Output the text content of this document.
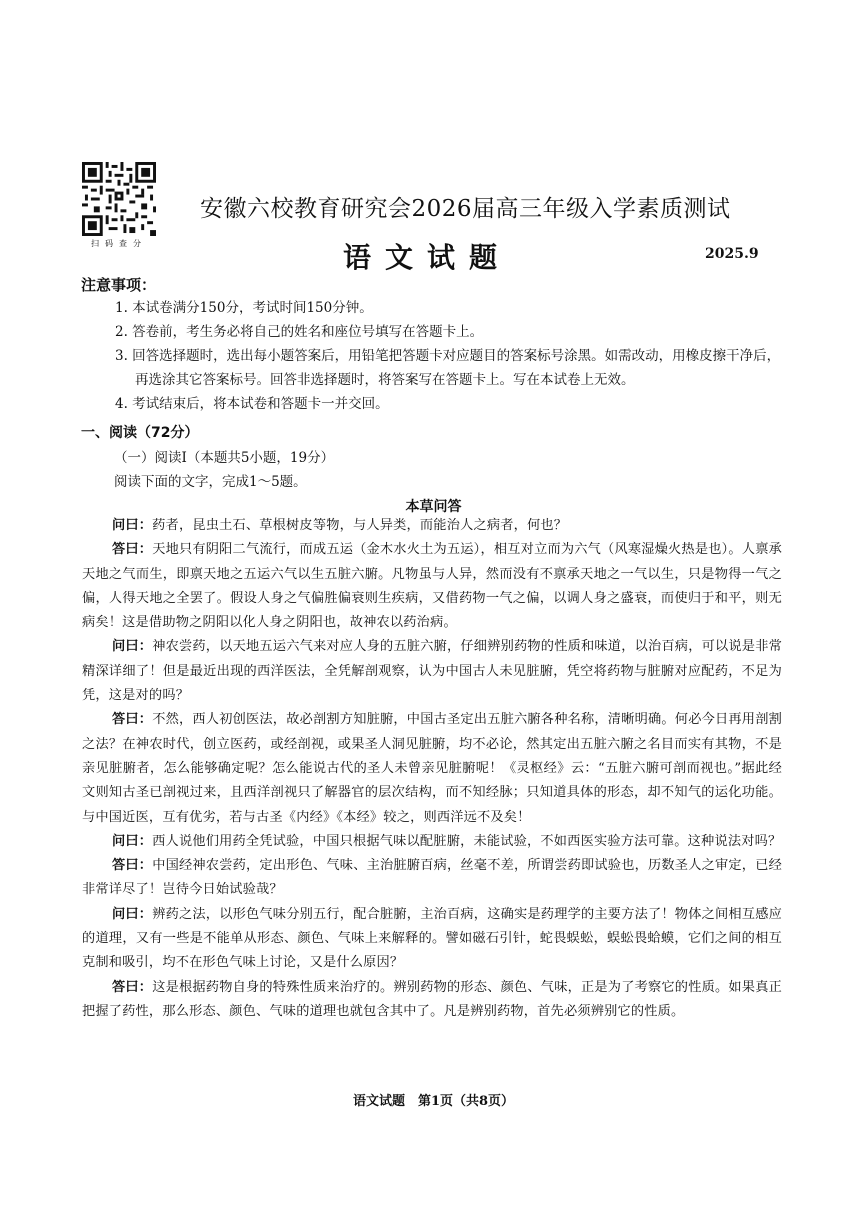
扫码查分
安徽六校教育研究会2026届高三年级入学素质测试
语文试题	2025.9
注意事项：
1. 本试卷满分150分，考试时间150分钟。
2. 答卷前，考生务必将自己的姓名和座位号填写在答题卡上。
3. 回答选择题时，选出每小题答案后，用铅笔把答题卡对应题目的答案标号涂黑。如需改动，用橡皮擦干净后，再选涂其它答案标号。回答非选择题时，将答案写在答题卡上。写在本试卷上无效。
4. 考试结束后，将本试卷和答题卡一并交回。
一、阅读（72分）
（一）阅读Ⅰ（本题共5小题，19分）
阅读下面的文字，完成1～5题。
本草问答

问曰：药者，昆虫土石、草根树皮等物，与人异类，而能治人之病者，何也？

答曰：天地只有阴阳二气流行，而成五运（金木水火土为五运），相互对立而为六气（风寒湿燥火热是也）。人禀承天地之气而生，即禀天地之五运六气以生五脏六腑。凡物虽与人异，然而没有不禀承天地之一气以生，只是物得一气之偏，人得天地之全罢了。假设人身之气偏胜偏衰则生疾病，又借药物一气之偏，以调人身之盛衰，而使归于和平，则无病矣！这是借助物之阴阳以化人身之阴阳也，故神农以药治病。

问曰：神农尝药，以天地五运六气来对应人身的五脏六腑，仔细辨别药物的性质和味道，以治百病，可以说是非常精深详细了！但是最近出现的西洋医法，全凭解剖观察，认为中国古人未见脏腑，凭空将药物与脏腑对应配药，不足为凭，这是对的吗？

答曰：不然，西人初创医法，故必剖割方知脏腑，中国古圣定出五脏六腑各种名称，清晰明确。何必今日再用剖割之法？在神农时代，创立医药，或经剖视，或果圣人洞见脏腑，均不必论，然其定出五脏六腑之名目而实有其物，不是亲见脏腑者，怎么能够确定呢？怎么能说古代的圣人未曾亲见脏腑呢！《灵枢经》云：“五脏六腑可剖而视也。”据此经文则知古圣已剖视过来，且西洋剖视只了解器官的层次结构，而不知经脉；只知道具体的形态，却不知气的运化功能。与中国近医，互有优劣，若与古圣《内经》《本经》较之，则西洋远不及矣！

问曰：西人说他们用药全凭试验，中国只根据气味以配脏腑，未能试验，不如西医实验方法可靠。这种说法对吗？

答曰：中国经神农尝药，定出形色、气味、主治脏腑百病，丝毫不差，所谓尝药即试验也，历数圣人之审定，已经非常详尽了！岂待今日始试验哉？

问曰：辨药之法，以形色气味分别五行，配合脏腑，主治百病，这确实是药理学的主要方法了！物体之间相互感应的道理，又有一些是不能单从形态、颜色、气味上来解释的。譬如磁石引针，蛇畏蜈蚣，蜈蚣畏蛤蟆，它们之间的相互克制和吸引，均不在形色气味上讨论，又是什么原因？

答曰：这是根据药物自身的特殊性质来治疗的。辨别药物的形态、颜色、气味，正是为了考察它的性质。如果真正把握了药性，那么形态、颜色、气味的道理也就包含其中了。凡是辨别药物，首先必须辨别它的性质。

语文试题　第1页（共8页）
